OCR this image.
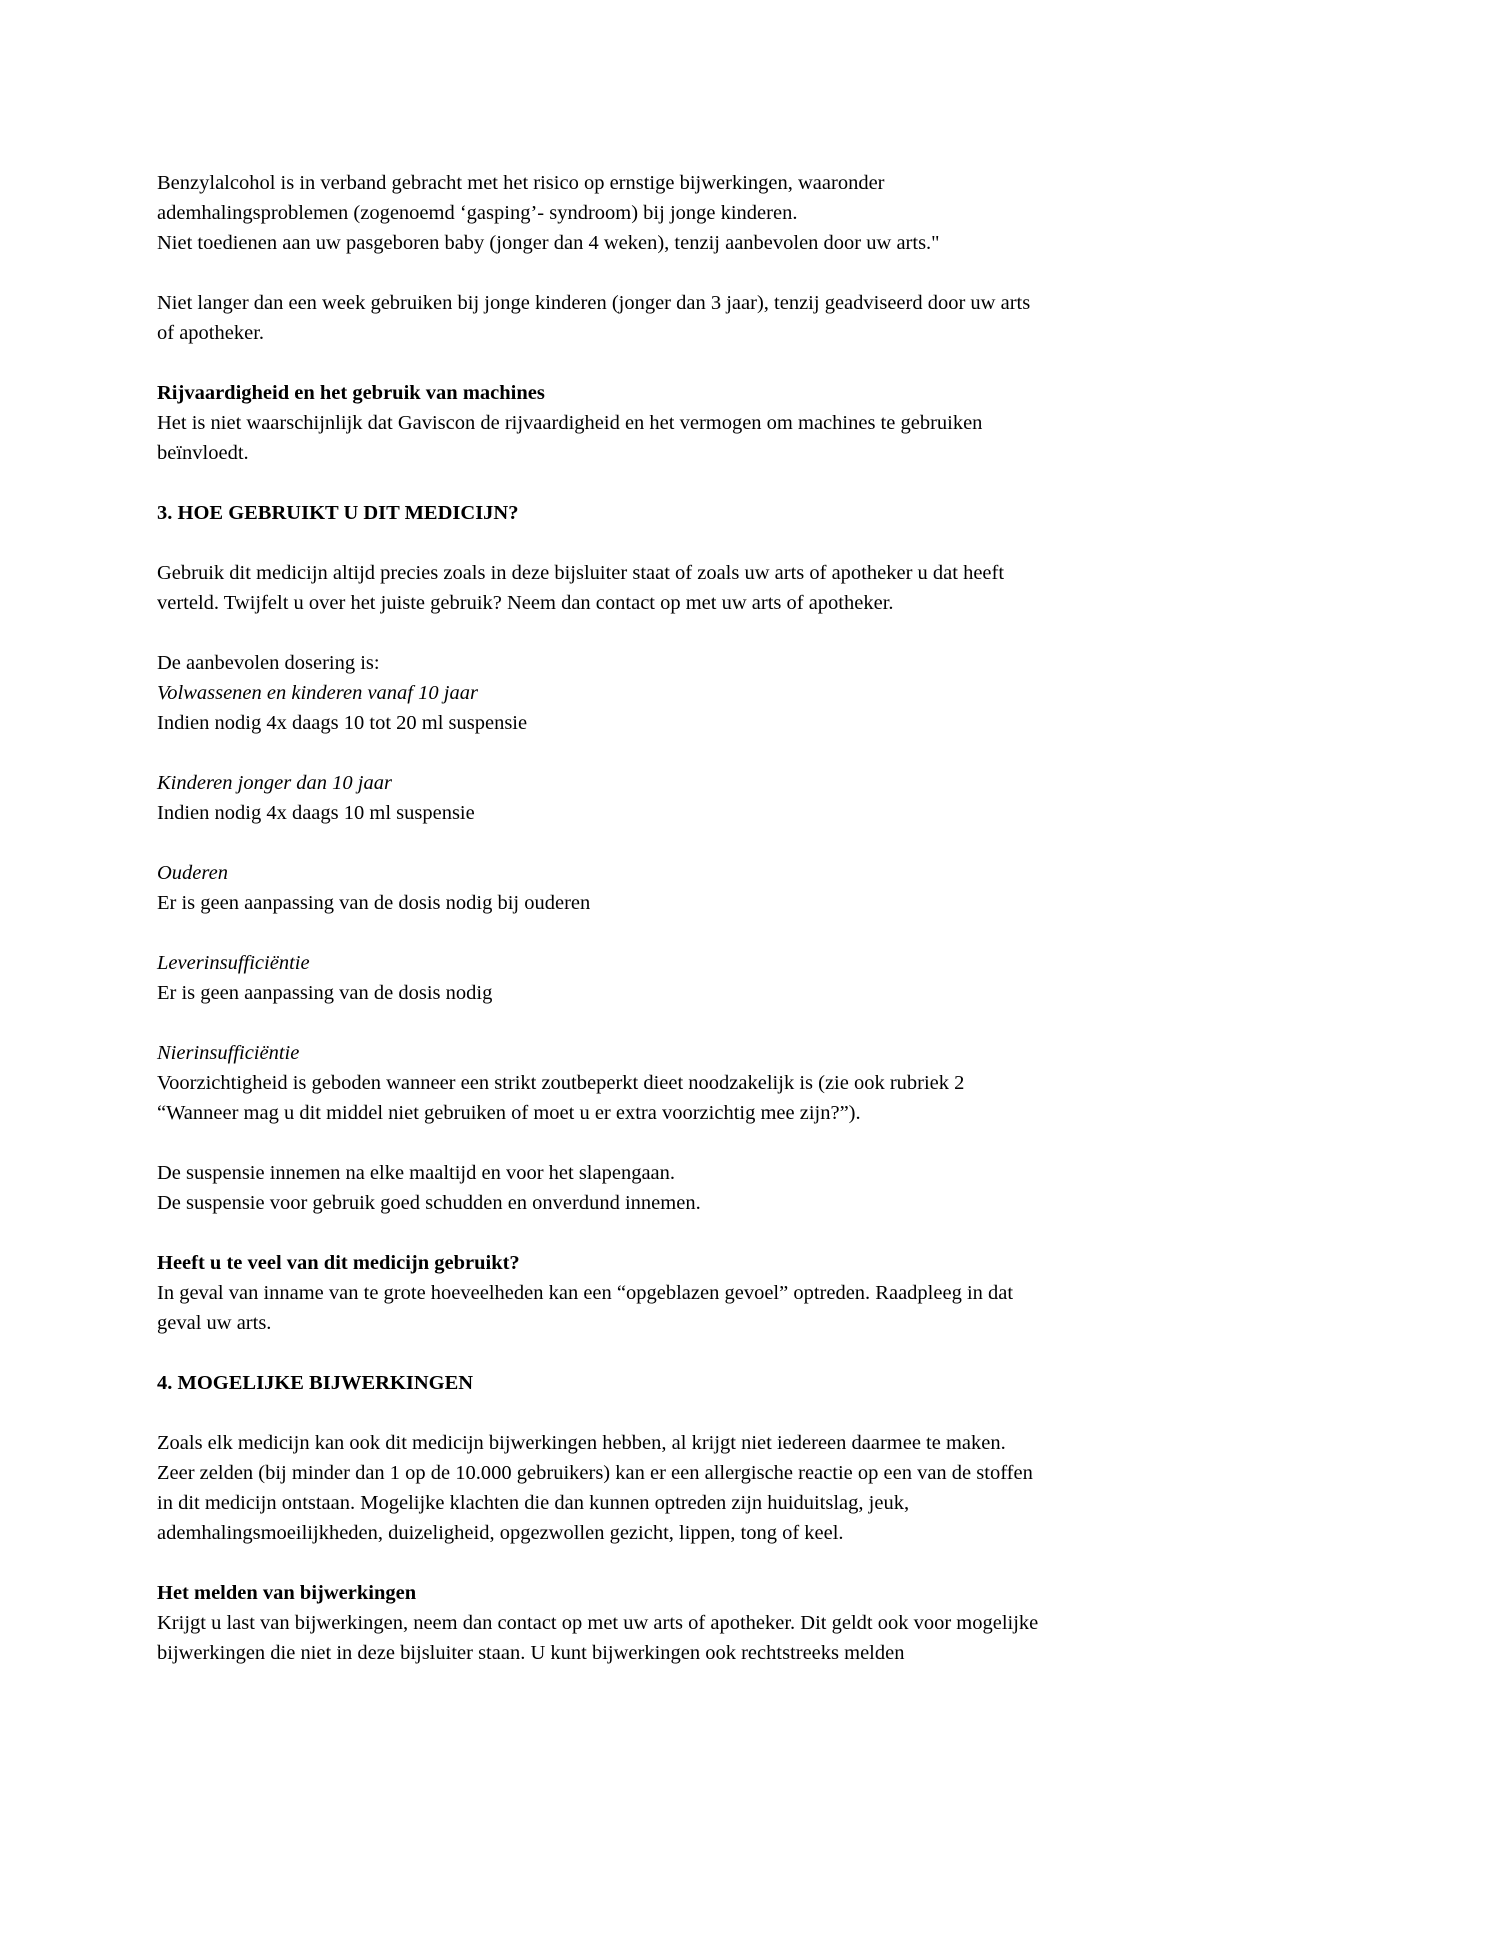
Benzylalcohol is in verband gebracht met het risico op ernstige bijwerkingen, waaronder ademhalingsproblemen (zogenoemd ‘gasping’- syndroom) bij jonge kinderen.
Niet toedienen aan uw pasgeboren baby (jonger dan 4 weken), tenzij aanbevolen door uw arts."
Niet langer dan een week gebruiken bij jonge kinderen (jonger dan 3 jaar), tenzij geadviseerd door uw arts of apotheker.
Rijvaardigheid en het gebruik van machines
Het is niet waarschijnlijk dat Gaviscon de rijvaardigheid en het vermogen om machines te gebruiken beïnvloedt.
3. HOE GEBRUIKT U DIT MEDICIJN?
Gebruik dit medicijn altijd precies zoals in deze bijsluiter staat of zoals uw arts of apotheker u dat heeft verteld. Twijfelt u over het juiste gebruik? Neem dan contact op met uw arts of apotheker.
De aanbevolen dosering is:
Volwassenen en kinderen vanaf 10 jaar
Indien nodig 4x daags 10 tot 20 ml suspensie
Kinderen jonger dan 10 jaar
Indien nodig 4x daags 10 ml suspensie
Ouderen
Er is geen aanpassing van de dosis nodig bij ouderen
Leverinsufficiëntie
Er is geen aanpassing van de dosis nodig
Nierinsufficiëntie
Voorzichtigheid is geboden wanneer een strikt zoutbeperkt dieet noodzakelijk is (zie ook rubriek 2 “Wanneer mag u dit middel niet gebruiken of moet u er extra voorzichtig mee zijn?”).
De suspensie innemen na elke maaltijd en voor het slapengaan.
De suspensie voor gebruik goed schudden en onverdund innemen.
Heeft u te veel van dit medicijn gebruikt?
In geval van inname van te grote hoeveelheden kan een “opgeblazen gevoel” optreden. Raadpleeg in dat geval uw arts.
4. MOGELIJKE BIJWERKINGEN
Zoals elk medicijn kan ook dit medicijn bijwerkingen hebben, al krijgt niet iedereen daarmee te maken.
Zeer zelden (bij minder dan 1 op de 10.000 gebruikers) kan er een allergische reactie op een van de stoffen in dit medicijn ontstaan. Mogelijke klachten die dan kunnen optreden zijn huiduitslag, jeuk, ademhalingsmoeilijkheden, duizeligheid, opgezwollen gezicht, lippen, tong of keel.
Het melden van bijwerkingen
Krijgt u last van bijwerkingen, neem dan contact op met uw arts of apotheker. Dit geldt ook voor mogelijke bijwerkingen die niet in deze bijsluiter staan. U kunt bijwerkingen ook rechtstreeks melden
